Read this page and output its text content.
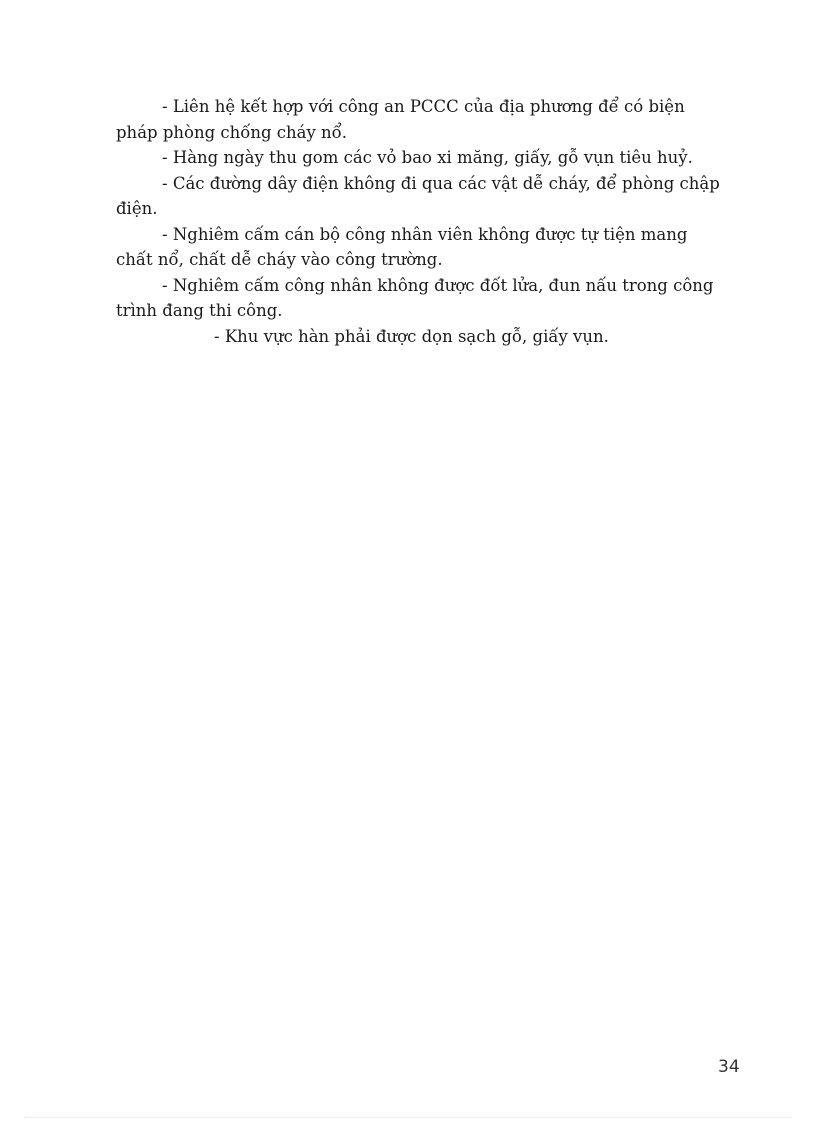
- Liên hệ kết hợp với công an PCCC của địa phương để có biện pháp phòng chống cháy nổ.

- Hàng ngày thu gom các vỏ bao xi măng, giấy, gỗ vụn tiêu huỷ.

- Các đường dây điện không đi qua các vật dễ cháy, để phòng chập điện.

- Nghiêm cấm cán bộ công nhân viên không được tự tiện mang chất nổ, chất dễ cháy vào công trường.

- Nghiêm cấm công nhân không được đốt lửa, đun nấu trong công trình đang thi công.

- Khu vực hàn phải được dọn sạch gỗ, giấy vụn.

34
